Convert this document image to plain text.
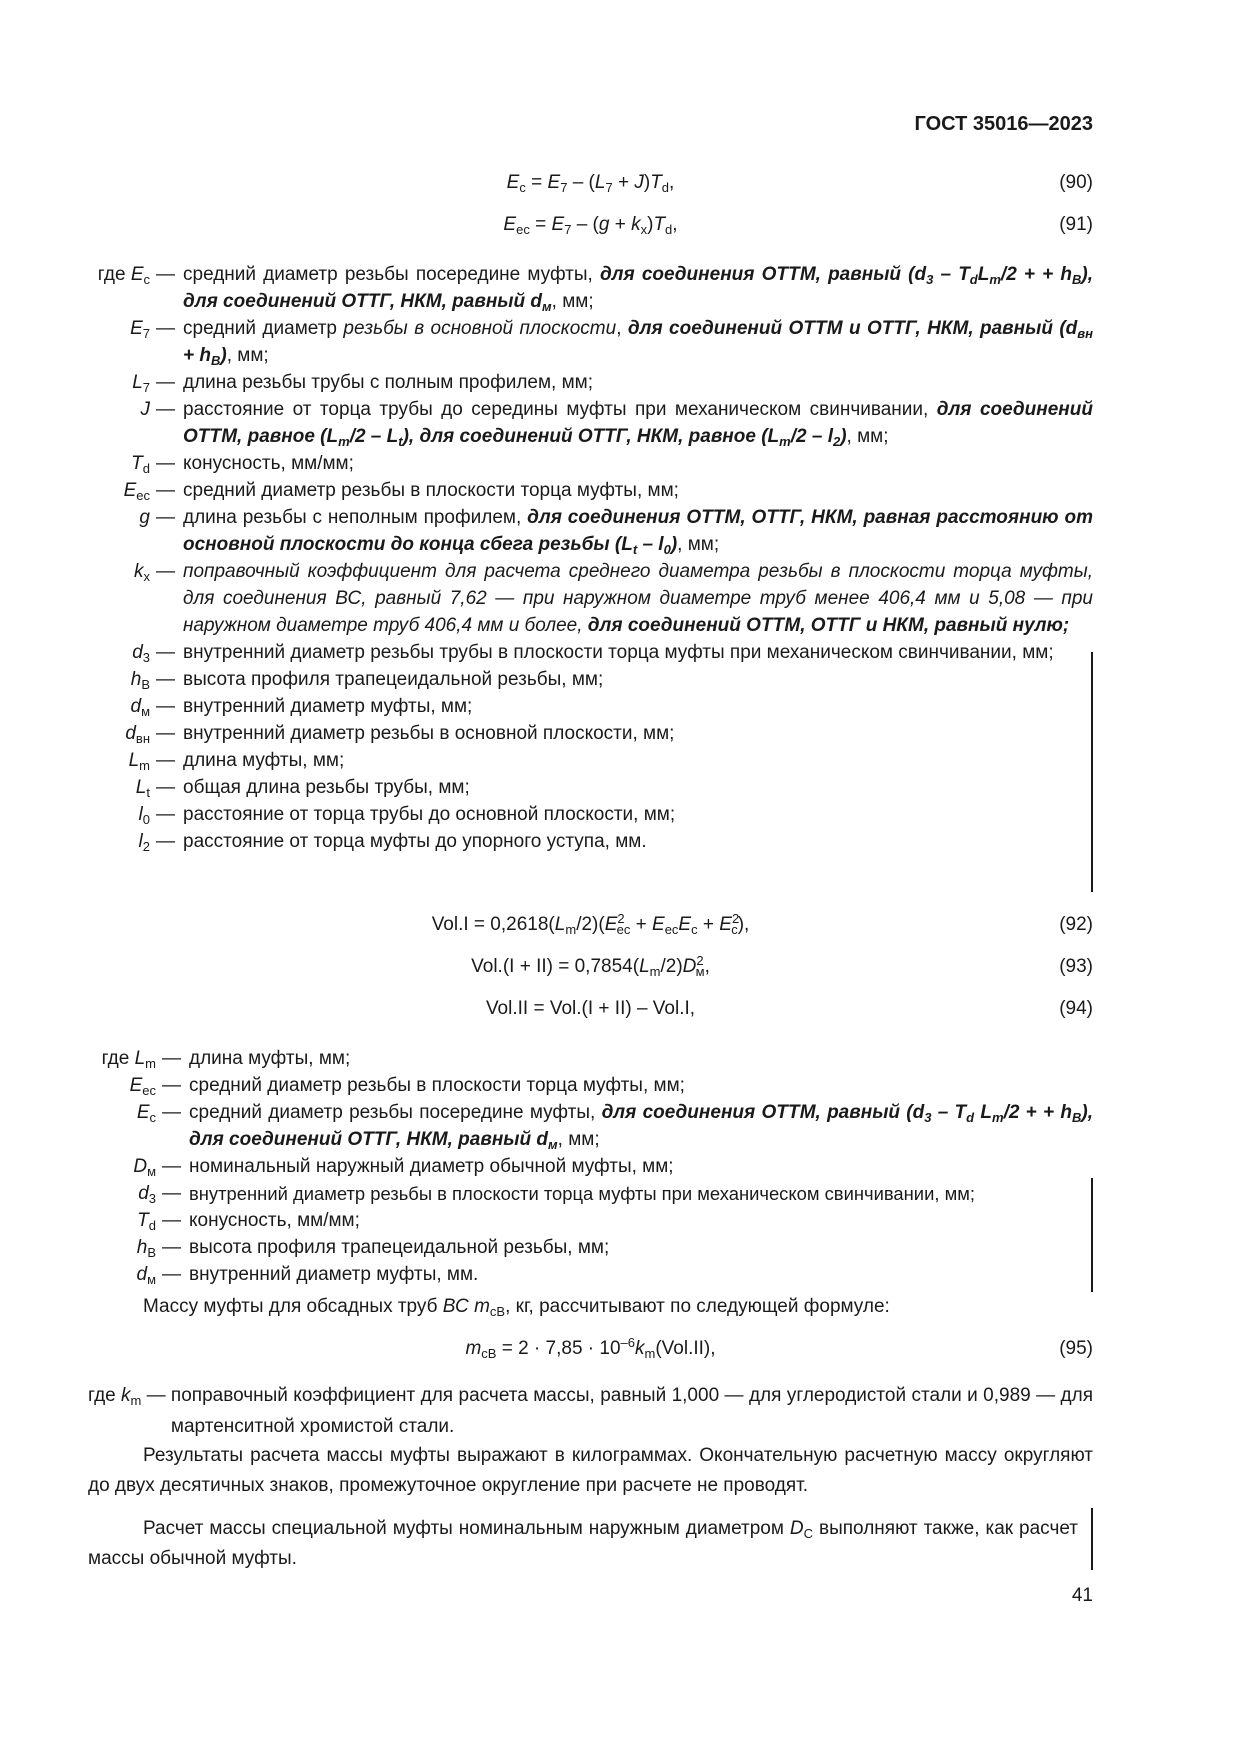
ГОСТ 35016—2023
$E_c = E_7 - (L_7 + J)T_d$,	(90)
$E_{ec} = E_7 - (g + k_x)T_d$,	(91)
где $E_c$ — средний диаметр резьбы посередине муфты, для соединения ОТТМ, равный ($d_3 - T_dL_m/2$ + + $h_B$), для соединений ОТТГ, НКМ, равный $d_м$, мм;
$E_7$ — средний диаметр резьбы в основной плоскости, для соединений ОТТМ и ОТТГ, НКМ, равный $(d_{вн} + h_B)$, мм;
$L_7$ — длина резьбы трубы с полным профилем, мм;
J — расстояние от торца трубы до середины муфты при механическом свинчивании, для соединений ОТТМ, равное $(L_m/2 - L_t)$, для соединений ОТТГ, НКМ, равное $(L_m/2 - l_2)$, мм;
$T_d$ — конусность, мм/мм;
$E_{ec}$ — средний диаметр резьбы в плоскости торца муфты, мм;
g — длина резьбы с неполным профилем, для соединения ОТТМ, ОТТГ, НКМ, равная расстоянию от основной плоскости до конца сбега резьбы $(L_t - l_0)$, мм;
$k_x$ — поправочный коэффициент для расчета среднего диаметра резьбы в плоскости торца муфты, для соединения ВС, равный 7,62 — при наружном диаметре труб менее 406,4 мм и 5,08 — при наружном диаметре труб 406,4 мм и более, для соединений ОТТМ, ОТТГ и НКМ, равный нулю;
$d_3$ — внутренний диаметр резьбы трубы в плоскости торца муфты при механическом свинчивании, мм;
$h_B$ — высота профиля трапецеидальной резьбы, мм;
$d_м$ — внутренний диаметр муфты, мм;
$d_{вн}$ — внутренний диаметр резьбы в основной плоскости, мм;
$L_m$ — длина муфты, мм;
$L_t$ — общая длина резьбы трубы, мм;
$l_0$ — расстояние от торца трубы до основной плоскости, мм;
$l_2$ — расстояние от торца муфты до упорного уступа, мм.
$Vol.I = 0,2618(L_m/2)(E^2_{ec} + E_{ec}E_c + E^2_c)$,	(92)
$Vol.(I + II) = 0,7854(L_m/2)D^2_м$,	(93)
Vol.II = Vol.(I + II) – Vol.I,	(94)
где $L_m$ — длина муфты, мм;
$E_{ec}$ — средний диаметр резьбы в плоскости торца муфты, мм;
$E_c$ — средний диаметр резьбы посередине муфты, для соединения ОТТМ, равный ($d_3 - T_d$ $L_m/2$ + + $h_B$), для соединений ОТТГ, НКМ, равный $d_м$, мм;
$D_м$ — номинальный наружный диаметр обычной муфты, мм;
$d_3$ — внутренний диаметр резьбы в плоскости торца муфты при механическом свинчивании, мм;
$T_d$ — конусность, мм/мм;
$h_B$ — высота профиля трапецеидальной резьбы, мм;
$d_м$ — внутренний диаметр муфты, мм.
Массу муфты для обсадных труб ВС $m_{cB}$, кг, рассчитывают по следующей формуле:
$m_{cB} = 2 \cdot 7,85 \cdot 10^{-6}k_m(Vol.II)$,	(95)
где $k_m$ — поправочный коэффициент для расчета массы, равный 1,000 — для углеродистой стали и 0,989 — для мартенситной хромистой стали.
Результаты расчета массы муфты выражают в килограммах. Окончательную расчетную массу округляют до двух десятичных знаков, промежуточное округление при расчете не проводят.
Расчет массы специальной муфты номинальным наружным диаметром $D_C$ выполняют также, как расчет массы обычной муфты.
41
